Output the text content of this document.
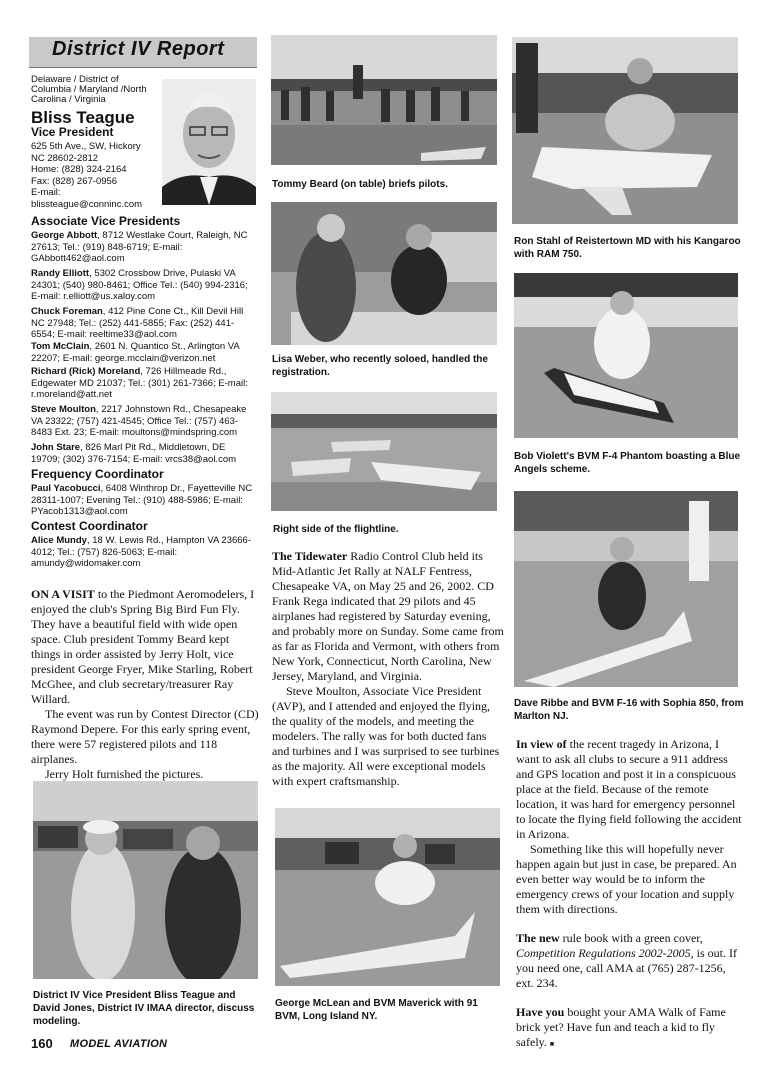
District IV Report
Delaware / District of
Columbia / Maryland /North
Carolina / Virginia
Bliss Teague
Vice President
625 5th Ave., SW, Hickory
NC 28602-2812
Home: (828) 324-2164
Fax: (828) 267-0956
E-mail:
blissteague@conninc.com
Associate Vice Presidents
George Abbott, 8712 Westlake Court, Raleigh, NC 27613; Tel.: (919) 848-6719; E-mail: GAbbott462@aol.com
Randy Elliott, 5302 Crossbow Drive, Pulaski VA 24301; (540) 980-8461; Office Tel.: (540) 994-2316; E-mail: r.elliott@us.xaloy.com
Chuck Foreman, 412 Pine Cone Ct., Kill Devil Hill NC 27948; Tel.: (252) 441-5855; Fax: (252) 441-6554; E-mail: reeltime33@aol.com
Tom McClain, 2601 N. Quantico St., Arlington VA 22207; E-mail: george.mcclain@verizon.net
Richard (Rick) Moreland, 726 Hillmeade Rd., Edgewater MD 21037; Tel.: (301) 261-7366; E-mail: r.moreland@att.net
Steve Moulton, 2217 Johnstown Rd., Chesapeake VA 23322; (757) 421-4545; Office Tel.: (757) 463-8483 Ext. 23; E-mail: moultons@mindspring.com
John Stare, 826 Marl Pit Rd., Middletown, DE 19709; (302) 376-7154; E-mail: vrcs38@aol.com
Frequency Coordinator
Paul Yacobucci, 6408 Winthrop Dr., Fayetteville NC 28311-1007; Evening Tel.: (910) 488-5986; E-mail: PYacob1313@aol.com
Contest Coordinator
Alice Mundy, 18 W. Lewis Rd., Hampton VA 23666-4012; Tel.: (757) 826-5063; E-mail: amundy@widomaker.com

ON A VISIT to the Piedmont Aeromodelers, I enjoyed the club's Spring Big Bird Fun Fly. They have a beautiful field with wide open space. Club president Tommy Beard kept things in order assisted by Jerry Holt, vice president George Fryer, Mike Starling, Robert McGhee, and club secretary/treasurer Ray Willard.

The event was run by Contest Director (CD) Raymond Depere. For this early spring event, there were 57 registered pilots and 118 airplanes.

Jerry Holt furnished the pictures.

District IV Vice President Bliss Teague and David Jones, District IV IMAA director, discuss modeling.
Tommy Beard (on table) briefs pilots.
Lisa Weber, who recently soloed, handled the registration.
Right side of the flightline.

The Tidewater Radio Control Club held its Mid-Atlantic Jet Rally at NALF Fentress, Chesapeake VA, on May 25 and 26, 2002. CD Frank Rega indicated that 29 pilots and 45 airplanes had registered by Saturday evening, and probably more on Sunday. Some came from as far as Florida and Vermont, with others from New York, Connecticut, North Carolina, New Jersey, Maryland, and Virginia.

Steve Moulton, Associate Vice President (AVP), and I attended and enjoyed the flying, the quality of the models, and meeting the modelers. The rally was for both ducted fans and turbines and I was surprised to see turbines as the majority. All were exceptional models with expert craftsmanship.

George McLean and BVM Maverick with 91 BVM, Long Island NY.
Ron Stahl of Reistertown MD with his Kangaroo with RAM 750.
Bob Violett's BVM F-4 Phantom boasting a Blue Angels scheme.
Dave Ribbe and BVM F-16 with Sophia 850, from Marlton NJ.

In view of the recent tragedy in Arizona, I want to ask all clubs to secure a 911 address and GPS location and post it in a conspicuous place at the field. Because of the remote location, it was hard for emergency personnel to locate the flying field following the accident in Arizona.

Something like this will hopefully never happen again but just in case, be prepared. An even better way would be to inform the emergency crews of your location and supply them with directions.

The new rule book with a green cover, Competition Regulations 2002-2005, is out. If you need one, call AMA at (765) 287-1256, ext. 234.

Have you bought your AMA Walk of Fame brick yet? Have fun and teach a kid to fly safely. ■

160 MODEL AVIATION
